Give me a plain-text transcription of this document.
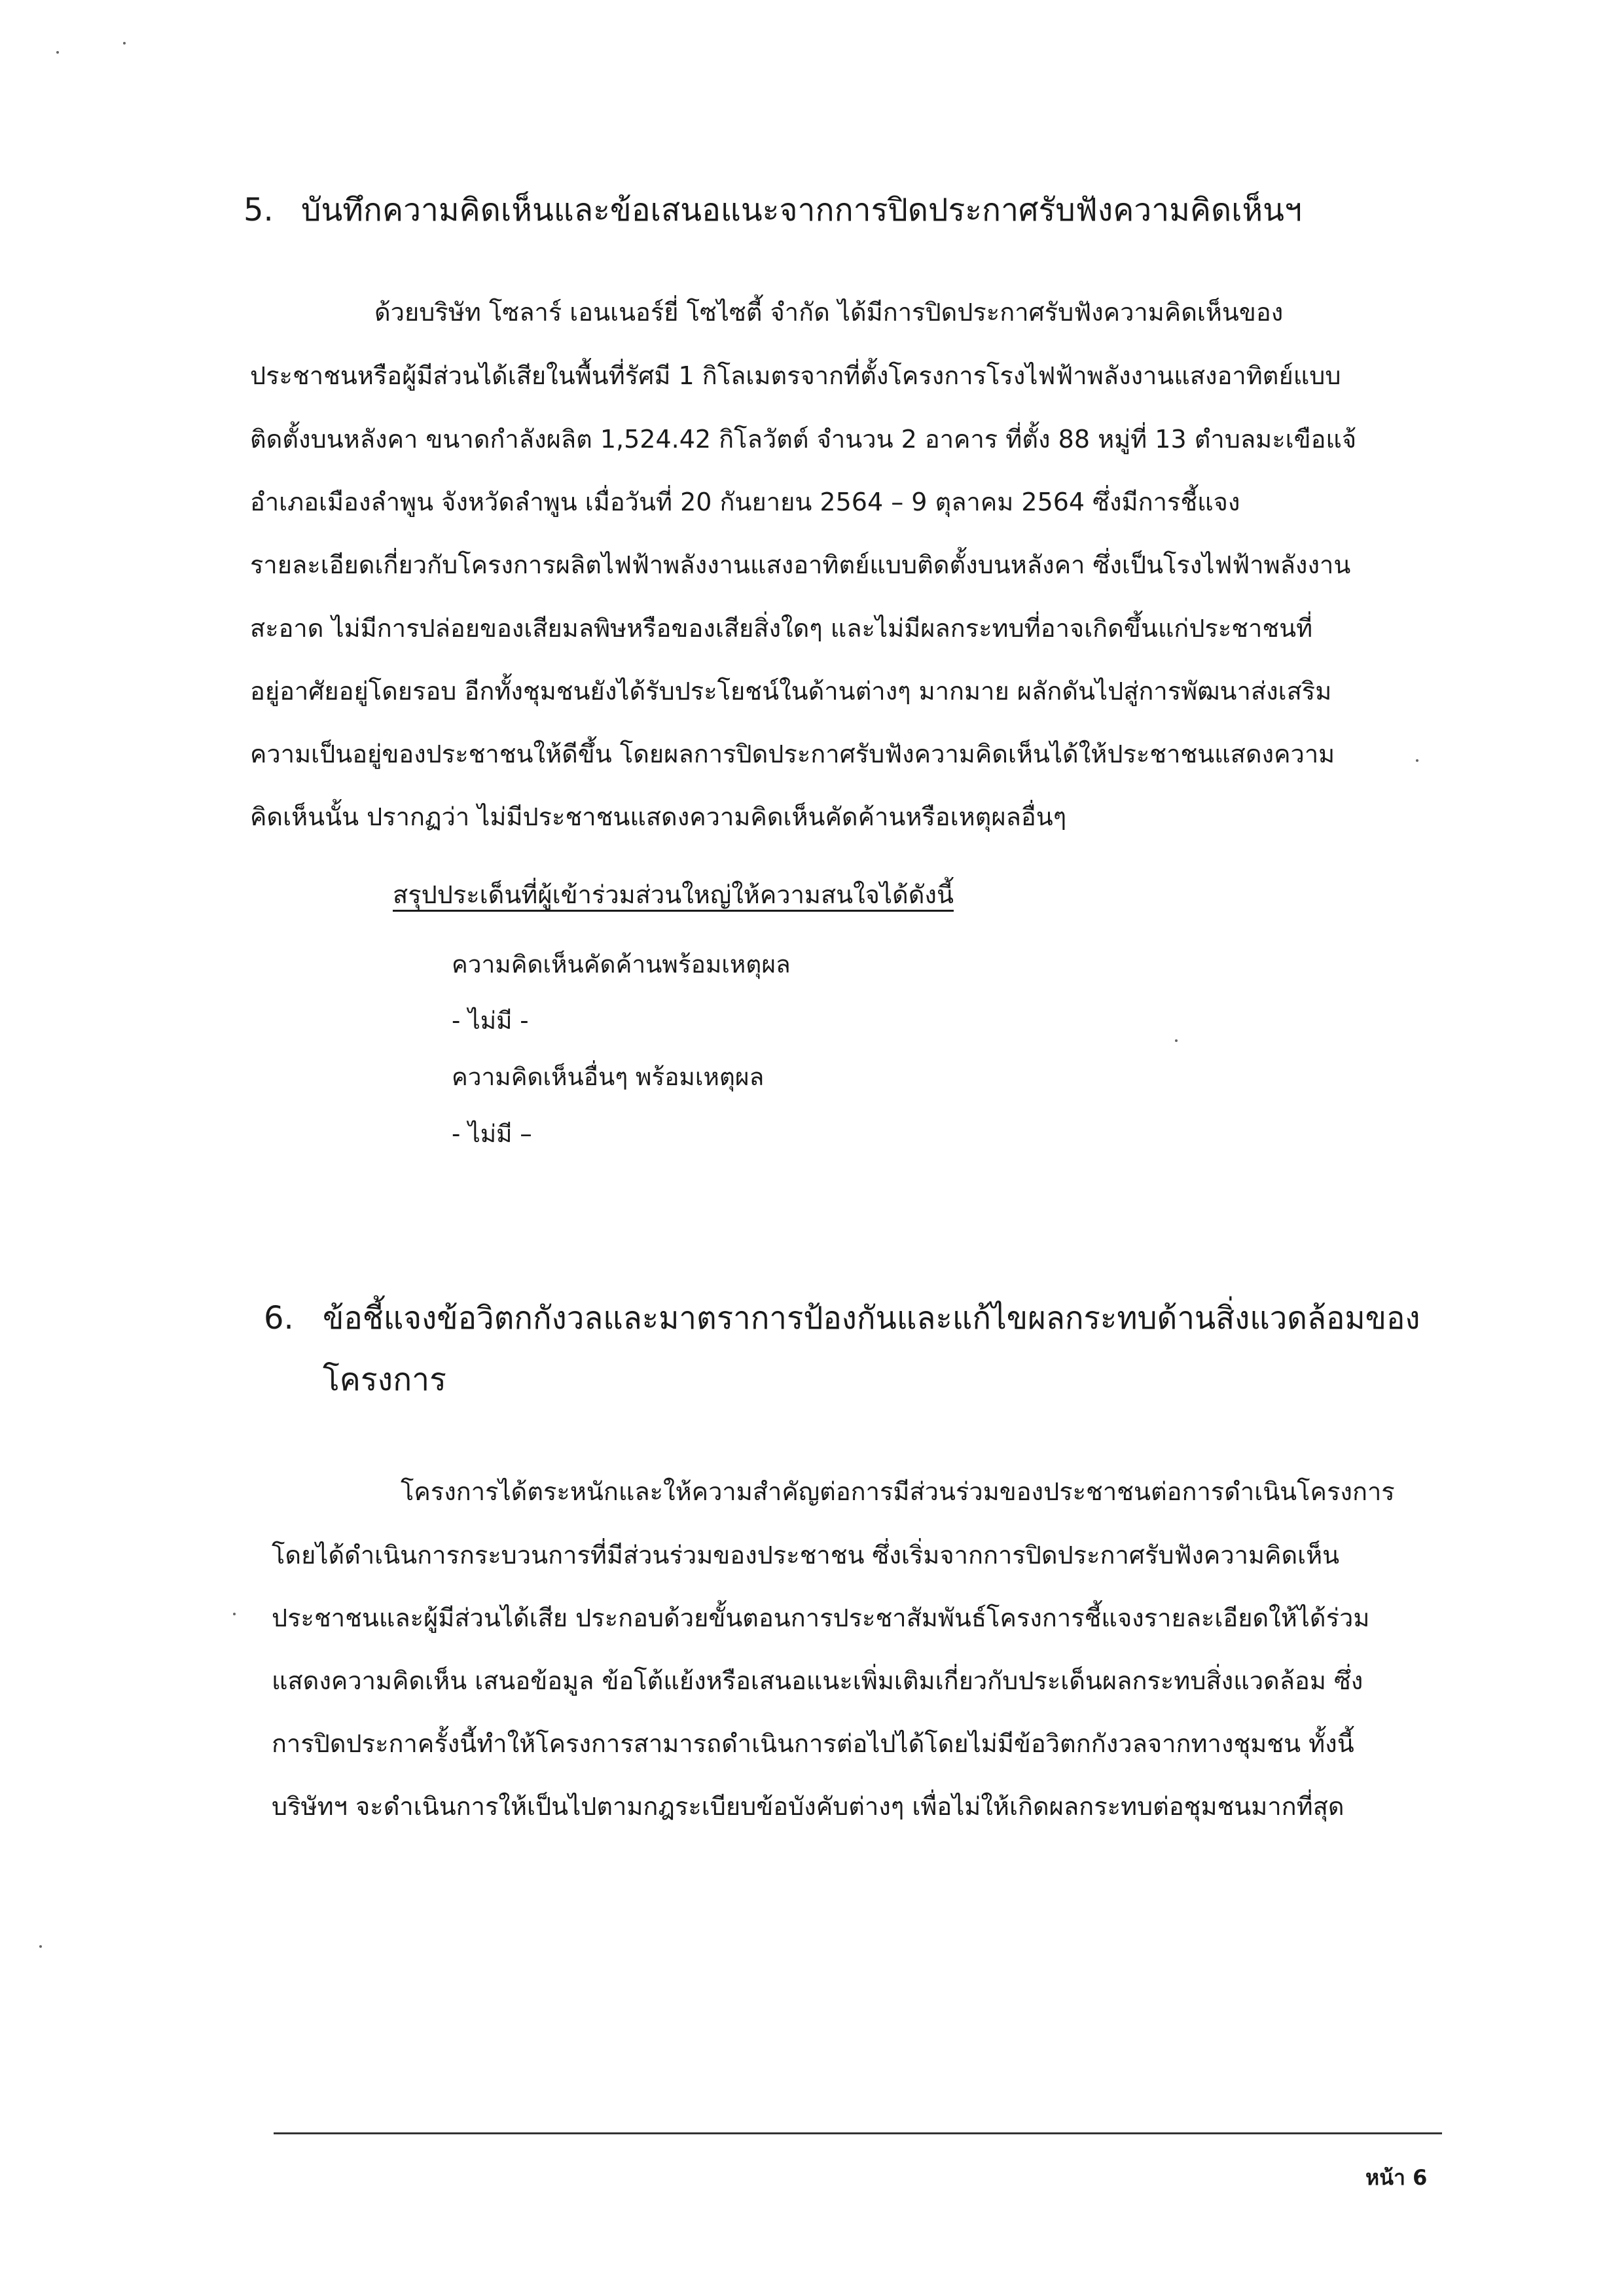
5. บันทึกความคิดเห็นและข้อเสนอแนะจากการปิดประกาศรับฟังความคิดเห็นฯ
ด้วยบริษัท โซลาร์ เอนเนอร์ยี่ โซไซตี้ จำกัด ได้มีการปิดประกาศรับฟังความคิดเห็นของ
ประชาชนหรือผู้มีส่วนได้เสียในพื้นที่รัศมี 1 กิโลเมตรจากที่ตั้งโครงการโรงไฟฟ้าพลังงานแสงอาทิตย์แบบ
ติดตั้งบนหลังคา ขนาดกำลังผลิต 1,524.42 กิโลวัตต์ จำนวน 2 อาคาร ที่ตั้ง 88 หมู่ที่ 13 ตำบลมะเขือแจ้
อำเภอเมืองลำพูน จังหวัดลำพูน เมื่อวันที่ 20 กันยายน 2564 – 9 ตุลาคม 2564 ซึ่งมีการชี้แจง
รายละเอียดเกี่ยวกับโครงการผลิตไฟฟ้าพลังงานแสงอาทิตย์แบบติดตั้งบนหลังคา ซึ่งเป็นโรงไฟฟ้าพลังงาน
สะอาด ไม่มีการปล่อยของเสียมลพิษหรือของเสียสิ่งใดๆ และไม่มีผลกระทบที่อาจเกิดขึ้นแก่ประชาชนที่
อยู่อาศัยอยู่โดยรอบ อีกทั้งชุมชนยังได้รับประโยชน์ในด้านต่างๆ มากมาย ผลักดันไปสู่การพัฒนาส่งเสริม
ความเป็นอยู่ของประชาชนให้ดีขึ้น โดยผลการปิดประกาศรับฟังความคิดเห็นได้ให้ประชาชนแสดงความ
คิดเห็นนั้น ปรากฏว่า ไม่มีประชาชนแสดงความคิดเห็นคัดค้านหรือเหตุผลอื่นๆ
สรุปประเด็นที่ผู้เข้าร่วมส่วนใหญ่ให้ความสนใจได้ดังนี้
ความคิดเห็นคัดค้านพร้อมเหตุผล
- ไม่มี -
ความคิดเห็นอื่นๆ พร้อมเหตุผล
- ไม่มี –
6. ข้อชี้แจงข้อวิตกกังวลและมาตราการป้องกันและแก้ไขผลกระทบด้านสิ่งแวดล้อมของ
โครงการ
โครงการได้ตระหนักและให้ความสำคัญต่อการมีส่วนร่วมของประชาชนต่อการดำเนินโครงการ
โดยได้ดำเนินการกระบวนการที่มีส่วนร่วมของประชาชน ซึ่งเริ่มจากการปิดประกาศรับฟังความคิดเห็น
ประชาชนและผู้มีส่วนได้เสีย ประกอบด้วยขั้นตอนการประชาสัมพันธ์โครงการชี้แจงรายละเอียดให้ได้ร่วม
แสดงความคิดเห็น เสนอข้อมูล ข้อโต้แย้งหรือเสนอแนะเพิ่มเติมเกี่ยวกับประเด็นผลกระทบสิ่งแวดล้อม ซึ่ง
การปิดประกาครั้งนี้ทำให้โครงการสามารถดำเนินการต่อไปได้โดยไม่มีข้อวิตกกังวลจากทางชุมชน ทั้งนี้
บริษัทฯ จะดำเนินการให้เป็นไปตามกฎระเบียบข้อบังคับต่างๆ เพื่อไม่ให้เกิดผลกระทบต่อชุมชนมากที่สุด
หน้า 6
